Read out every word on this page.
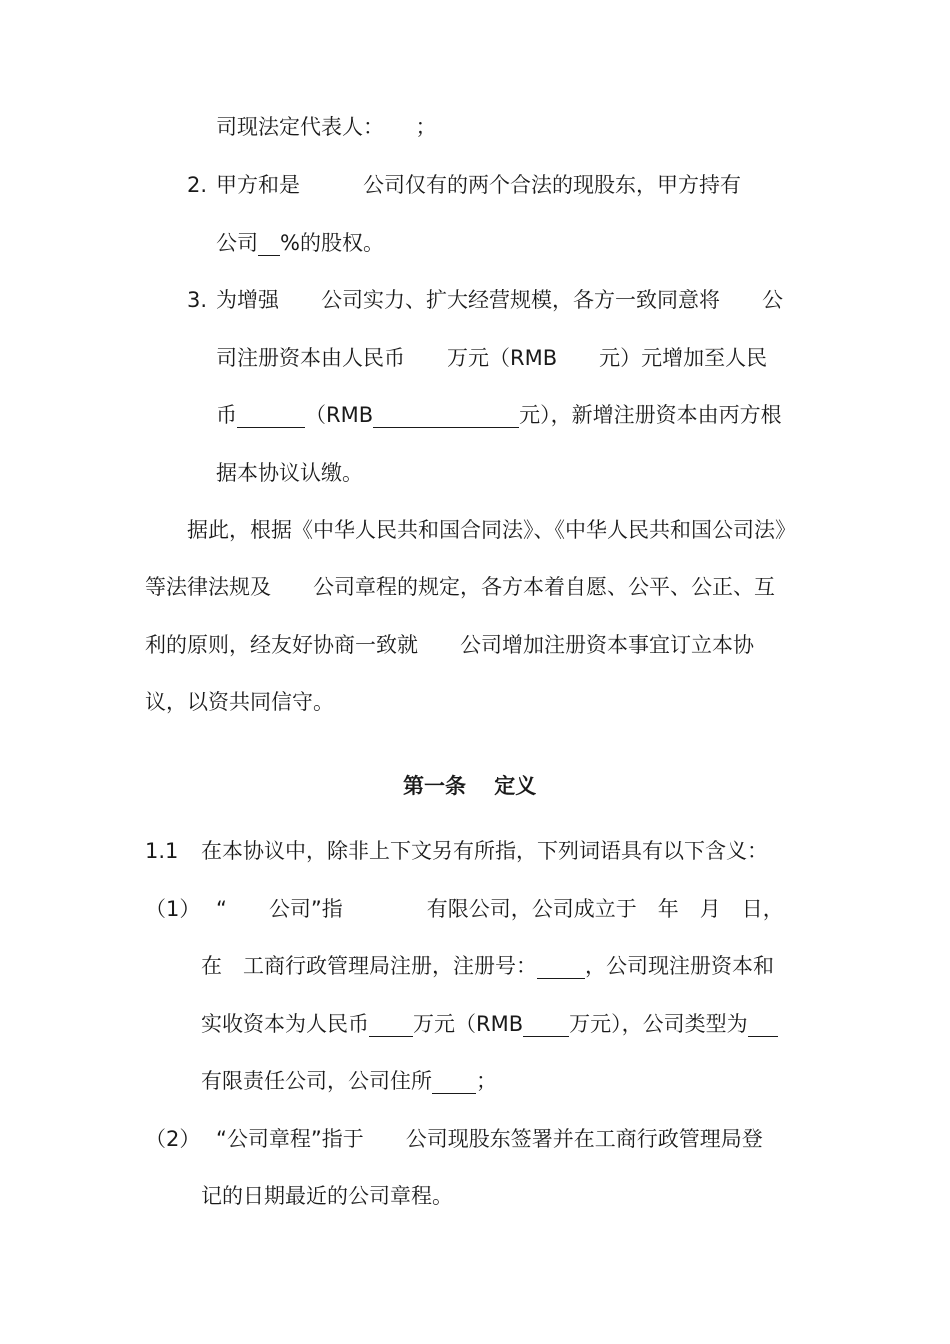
司现法定代表人：　　；
2. 甲方和是　　　公司仅有的两个合法的现股东，甲方持有
公司 %的股权。
3. 为增强　　公司实力、扩大经营规模，各方一致同意将　　公
司注册资本由人民币　　万元（RMB　　元）元增加至人民
币	（RMB	元），新增注册资本由丙方根
据本协议认缴。
据此，根据《中华人民共和国合同法》、《中华人民共和国公司法》
等法律法规及　　公司章程的规定，各方本着自愿、公平、公正、互
利的原则，经友好协商一致就　　公司增加注册资本事宜订立本协
议，以资共同信守。
第一条　 定义
1.1 在本协议中，除非上下文另有所指，下列词语具有以下含义：
（1） “　　公司”指　　　　有限公司，公司成立于　年　月　日，
在　工商行政管理局注册，注册号： ，公司现注册资本和
实收资本为人民币 万元（RMB 万元），公司类型为
有限责任公司，公司住所 ；
（2） “公司章程”指于　　公司现股东签署并在工商行政管理局登
记的日期最近的公司章程。
